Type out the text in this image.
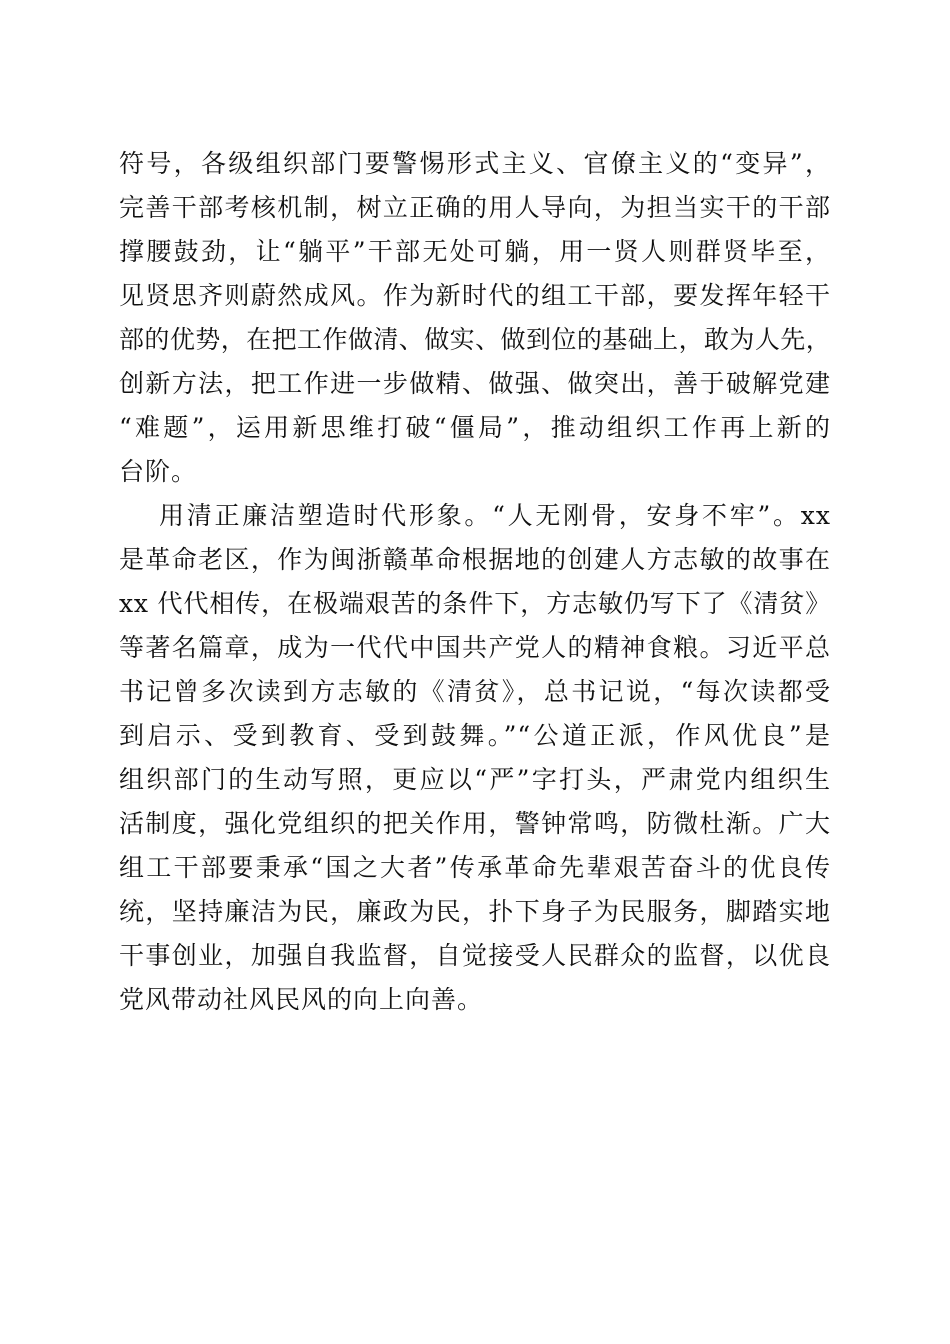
符号，各级组织部门要警惕形式主义、官僚主义的“变异”，
完善干部考核机制，树立正确的用人导向，为担当实干的干部
撑腰鼓劲，让“躺平”干部无处可躺，用一贤人则群贤毕至，
见贤思齐则蔚然成风。作为新时代的组工干部，要发挥年轻干
部的优势，在把工作做清、做实、做到位的基础上，敢为人先，
创新方法，把工作进一步做精、做强、做突出，善于破解党建
“难题”，运用新思维打破“僵局”，推动组织工作再上新的
台阶。
用清正廉洁塑造时代形象。“人无刚骨，安身不牢”。xx
是革命老区，作为闽浙赣革命根据地的创建人方志敏的故事在
xx 代代相传，在极端艰苦的条件下，方志敏仍写下了《清贫》
等著名篇章，成为一代代中国共产党人的精神食粮。习近平总
书记曾多次读到方志敏的《清贫》，总书记说，“每次读都受
到启示、受到教育、受到鼓舞。”“公道正派，作风优良”是
组织部门的生动写照，更应以“严”字打头，严肃党内组织生
活制度，强化党组织的把关作用，警钟常鸣，防微杜渐。广大
组工干部要秉承“国之大者”传承革命先辈艰苦奋斗的优良传
统，坚持廉洁为民，廉政为民，扑下身子为民服务，脚踏实地
干事创业，加强自我监督，自觉接受人民群众的监督，以优良
党风带动社风民风的向上向善。
